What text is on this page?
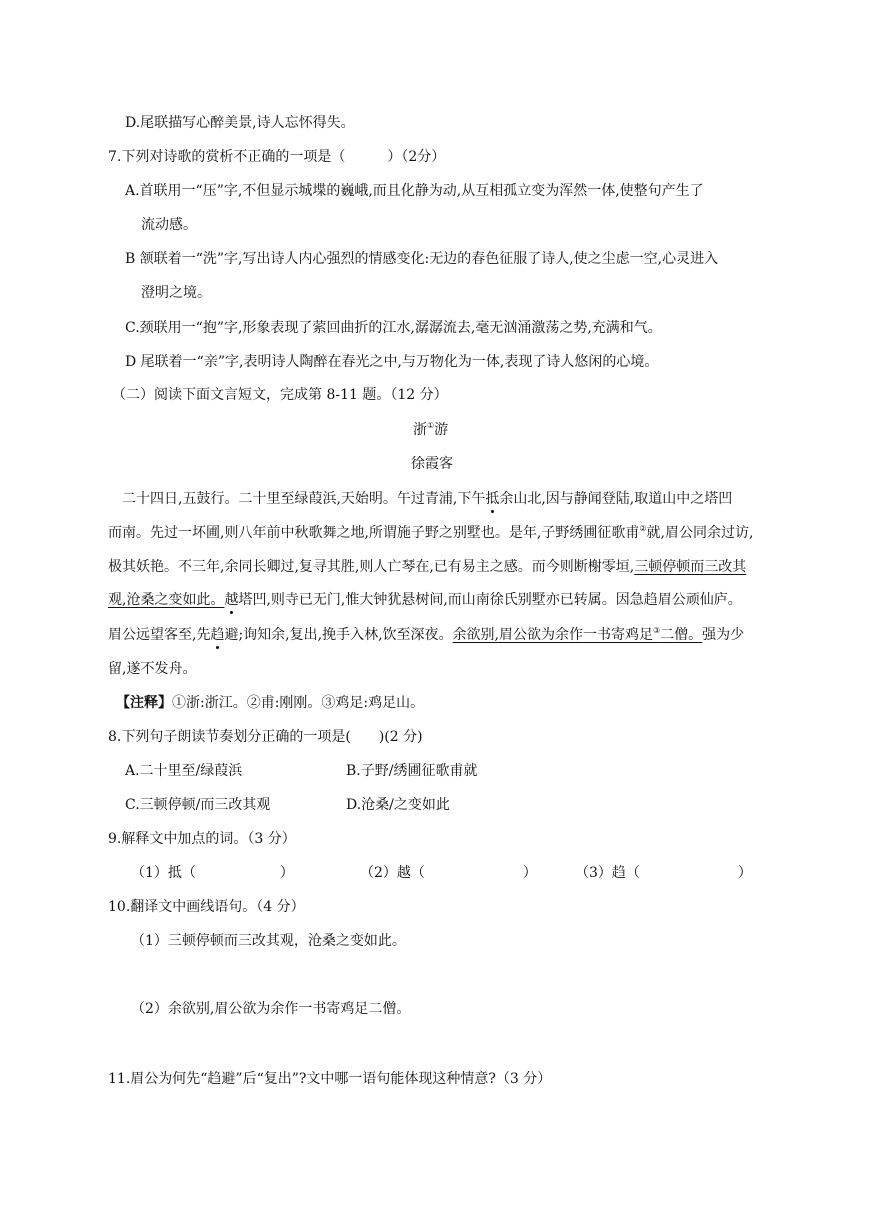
D.尾联描写心醉美景,诗人忘怀得失。
7.下列对诗歌的赏析不正确的一项是（　　　）（2分）
A.首联用一“压”字,不但显示城堞的巍峨,而且化静为动,从互相孤立变为浑然一体,使整句产生了
流动感。
B 颔联着一“洗”字,写出诗人内心强烈的情感变化:无边的春色征服了诗人,使之尘虑一空,心灵进入
澄明之境。
C.颈联用一“抱”字,形象表现了萦回曲折的江水,潺潺流去,毫无汹涌激荡之势,充满和气。
D 尾联着一“亲”字,表明诗人陶醉在春光之中,与万物化为一体,表现了诗人悠闲的心境。
（二）阅读下面文言短文，完成第 8-11 题。（12 分）
浙①游
徐霞客
二十四日,五鼓行。二十里至绿葭浜,天始明。午过青浦,下午抵余山北,因与静闻登陆,取道山中之塔凹
而南。先过一坏圃,则八年前中秋歌舞之地,所谓施子野之别墅也。是年,子野绣圃征歌甫②就,眉公同余过访,
极其妖艳。不三年,余同长卿过,复寻其胜,则人亡琴在,已有易主之感。而今则断榭零垣,三顿停顿而三改其
观,沧桑之变如此。越塔凹,则寺已无门,惟大钟犹悬树间,而山南徐氏别墅亦已转属。因急趋眉公顽仙庐。
眉公远望客至,先趋避;询知余,复出,挽手入林,饮至深夜。余欲别,眉公欲为余作一书寄鸡足③二僧。强为少
留,遂不发舟。
【注释】①浙:浙江。②甫:刚刚。③鸡足:鸡足山。
8.下列句子朗读节奏划分正确的一项是(　　)(2 分)
A.二十里至/绿葭浜	B.子野/绣圃征歌甫就
C.三顿停顿/而三改其观	D.沧桑/之变如此
9.解释文中加点的词。（3 分）
（1）抵（　　　　　　）	（2）越（　　　　　　　）	（3）趋（　　　　　　　）
10.翻译文中画线语句。（4 分）
（1）三顿停顿而三改其观，沧桑之变如此。
（2）余欲别,眉公欲为余作一书寄鸡足二僧。
11.眉公为何先“趋避”后“复出”?文中哪一语句能体现这种情意?（3 分）
